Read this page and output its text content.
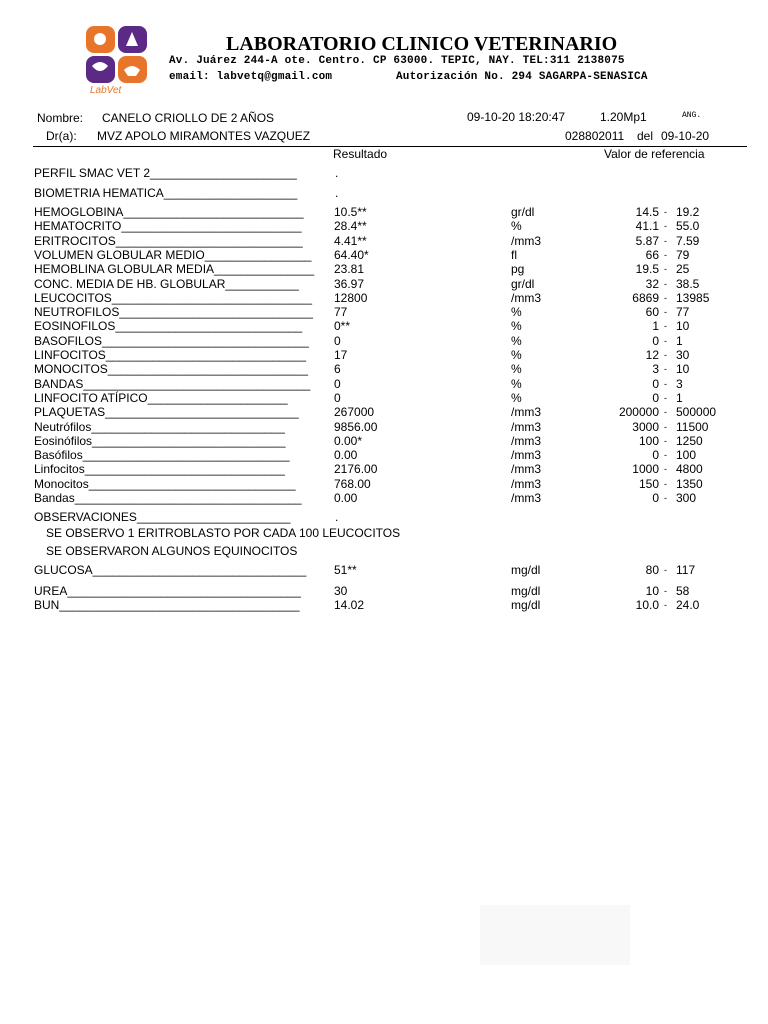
LabVet
LABORATORIO CLINICO VETERINARIO
Av. Juárez 244-A ote. Centro. CP 63000. TEPIC, NAY. TEL:311 2138075
email: labvetq@gmail.com	Autorización No. 294 SAGARPA-SENASICA
Nombre: CANELO CRIOLLO DE 2 AÑOS	09-10-20 18:20:47	1.20Mp1	ANG.
Dr(a): MVZ APOLO MIRAMONTES VAZQUEZ	028802011 del 09-10-20
Resultado	Valor de referencia
PERFIL SMAC VET 2______________________	.
BIOMETRIA HEMATICA____________________	.
HEMOGLOBINA___________________________	10.5**	gr/dl	14.5 - 19.2
HEMATOCRITO___________________________	28.4**	%	41.1 - 55.0
ERITROCITOS____________________________	4.41**	/mm3	5.87 - 7.59
VOLUMEN GLOBULAR MEDIO________________ 64.40*	fl	66 - 79
HEMOBLINA GLOBULAR MEDIA_______________ 23.81	pg	19.5 - 25
CONC. MEDIA DE HB. GLOBULAR___________	36.97	gr/dl	32 - 38.5
LEUCOCITOS______________________________ 12800	/mm3	6869 - 13985
NEUTROFILOS_____________________________ 77	%	60 - 77
EOSINOFILOS____________________________	0**	%	1 - 10
BASOFILOS_______________________________ 0	%	0 - 1
LINFOCITOS______________________________ 17	%	12 - 30
MONOCITOS______________________________ 6	%	3 - 10
BANDAS__________________________________ 0	%	0 - 3
LINFOCITO ATÍPICO_____________________	0	%	0 - 1
PLAQUETAS_____________________________	267000	/mm3	200000 - 500000
Neutrófilos_____________________________	9856.00	/mm3	3000 - 11500
Eosinófilos_____________________________	0.00*	/mm3	100 - 1250
Basófilos_______________________________	0.00	/mm3	0 - 100
Linfocitos______________________________	2176.00	/mm3	1000 - 4800
Monocitos_______________________________	768.00	/mm3	150 - 1350
Bandas__________________________________	0.00	/mm3	0 - 300
OBSERVACIONES_______________________	.
SE OBSERVO 1 ERITROBLASTO POR CADA 100 LEUCOCITOS
SE OBSERVARON ALGUNOS EQUINOCITOS
GLUCOSA________________________________ 51**	mg/dl	80 - 117
UREA___________________________________	30	mg/dl	10 - 58
BUN____________________________________	14.02	mg/dl	10.0 - 24.0
